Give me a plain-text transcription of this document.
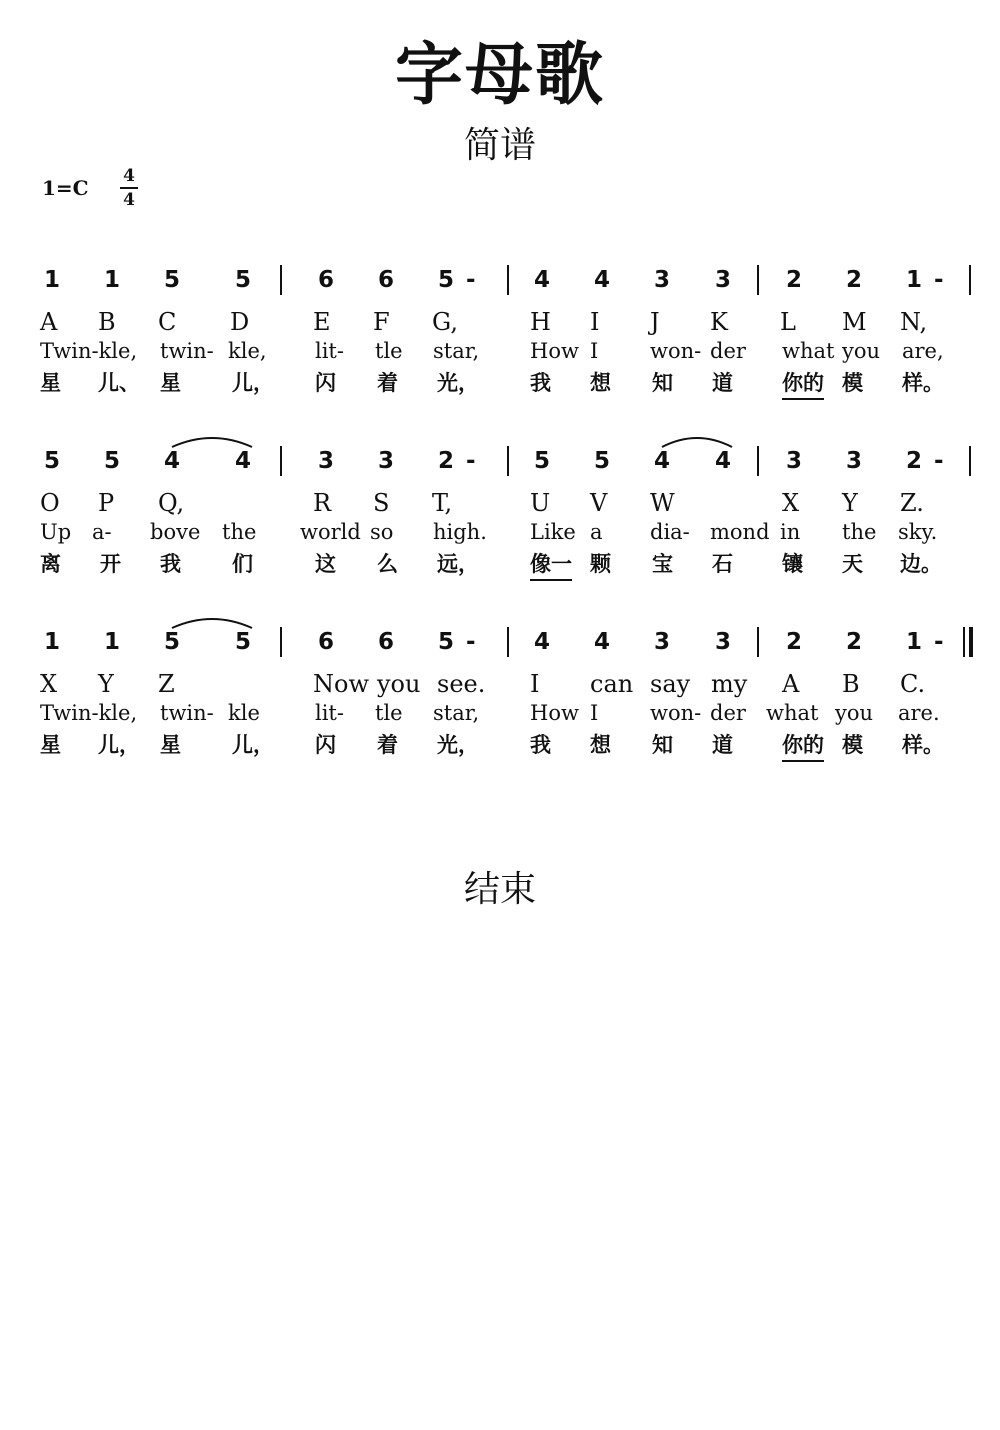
字母歌
简谱
1=C 4
4
1 1 5 5	6 6 5 -	4 4 3 3 2 2 1 -
A B C D	E F G,	H I J K L M N,
Twin-kle, twin- kle, lit- tle star, How I won- der what you are,
星 儿、 星 儿， 闪 着 光， 我 想 知 道 你的 模 样。
5 5 4 4	3 3 2 -	5 5 4 4 3 3 2 -
O P Q,	R S T,	U V W	X Y Z.
Up a- bove the world so high. Like a dia- mond in the sky.
离 开 我 们	这 么 远， 像一 颗 宝 石 镶 天 边。
1 1 5 5	6 6 5 -	4 4 3 3 2 2 1 -
X Y Z	Now you see. I can say my A B C.
Twin-kle, twin- kle	lit- tle star, How I won- der what you are.
星 儿， 星 儿， 闪 着 光， 我 想 知 道 你的 模 样。
结束
